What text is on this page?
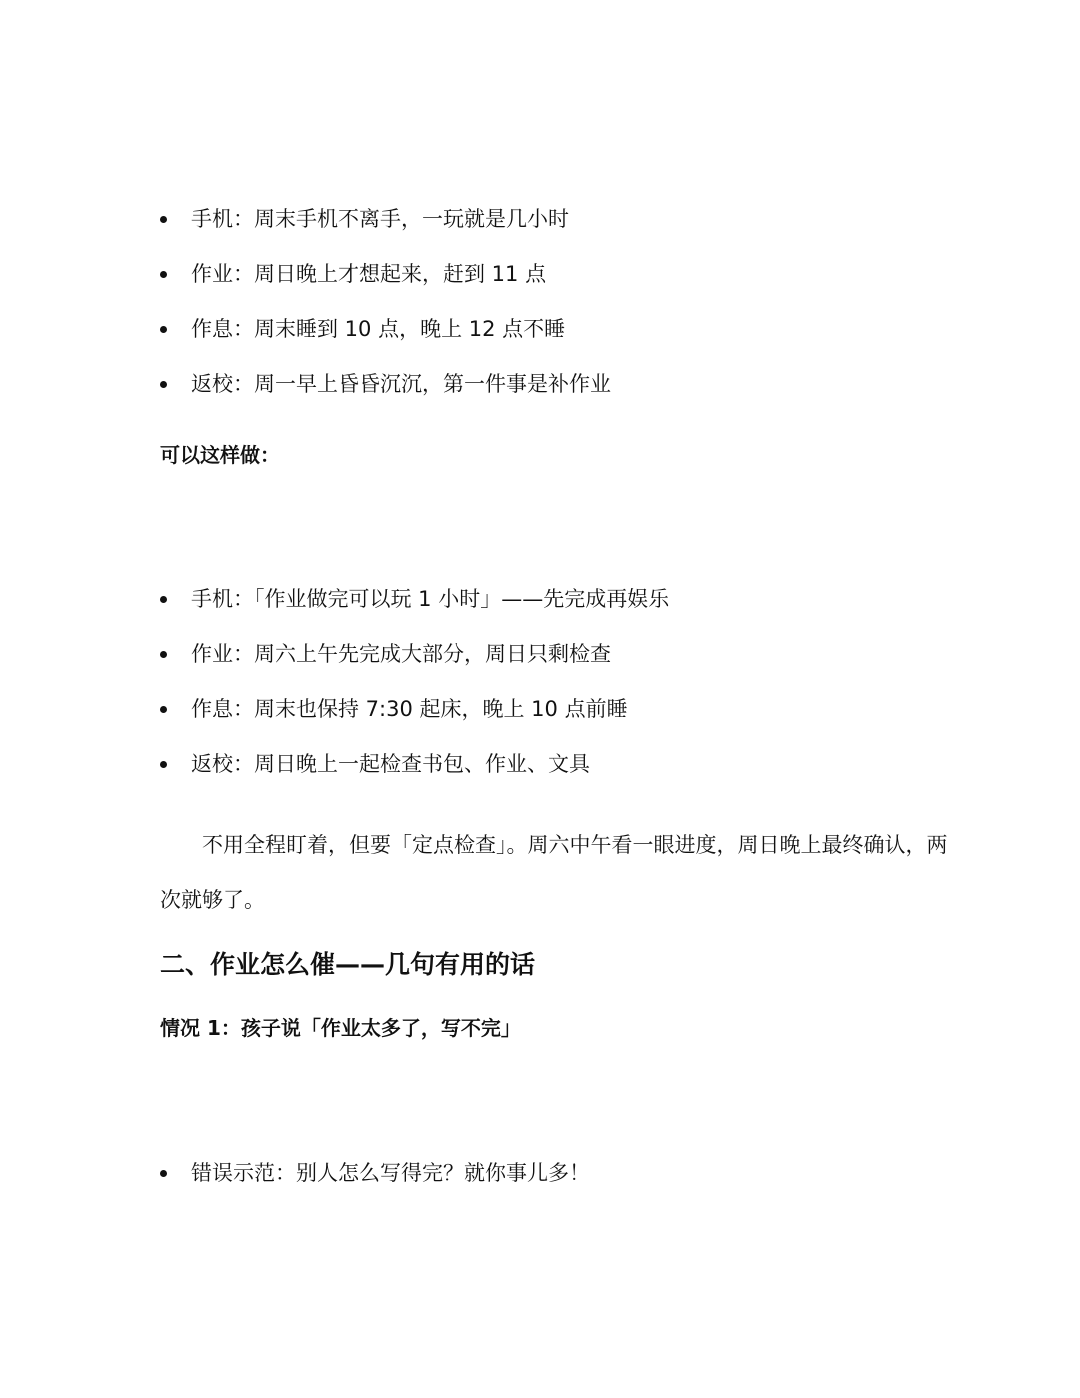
手机：周末手机不离手，一玩就是几小时
作业：周日晚上才想起来，赶到 11 点
作息：周末睡到 10 点，晚上 12 点不睡
返校：周一早上昏昏沉沉，第一件事是补作业
可以这样做：
手机：「作业做完可以玩 1 小时」——先完成再娱乐
作业：周六上午先完成大部分，周日只剩检查
作息：周末也保持 7:30 起床，晚上 10 点前睡
返校：周日晚上一起检查书包、作业、文具

不用全程盯着，但要「定点检查」。周六中午看一眼进度，周日晚上最终确认，两次就够了。

二、作业怎么催——几句有用的话
情况 1：孩子说「作业太多了，写不完」
错误示范：别人怎么写得完？就你事儿多！
